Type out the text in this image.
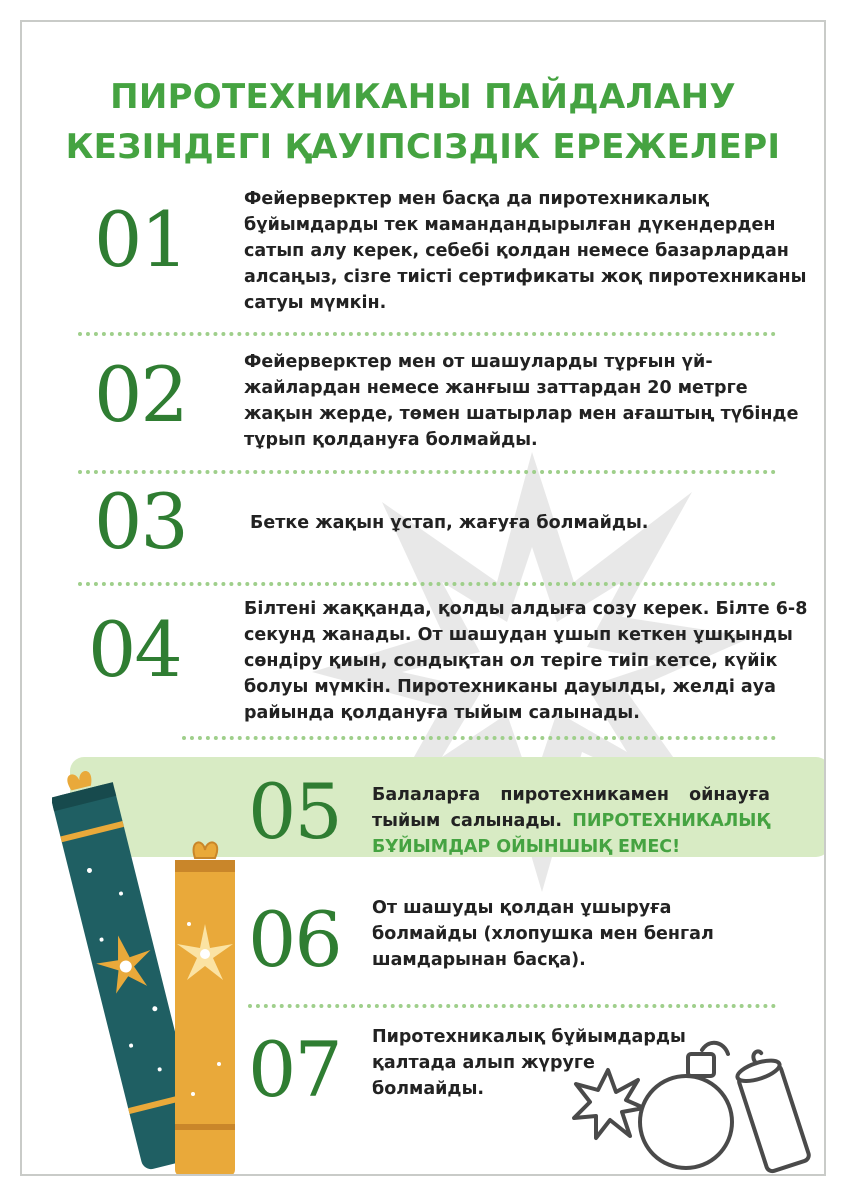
ПИРОТЕХНИКАНЫ ПАЙДАЛАНУ
КЕЗІНДЕГІ ҚАУІПСІЗДІК ЕРЕЖЕЛЕРІ
01	Фейерверктер мен басқа да пиротехникалық
бұйымдарды тек мамандандырылған дүкендерден
сатып алу керек, себебі қолдан немесе базарлардан
алсаңыз, сізге тиісті сертификаты жоқ пиротехниканы
сатуы мүмкін.
02	Фейерверктер мен от шашуларды тұрғын үй-
жайлардан немесе жанғыш заттардан 20 метрге
жақын жерде, төмен шатырлар мен ағаштың түбінде
тұрып қолдануға болмайды.
03	Бетке жақын ұстап, жағуға болмайды.
04	Білтені жаққанда, қолды алдыға созу керек. Білте 6-8
секунд жанады. От шашудан ұшып кеткен ұшқынды
сөндіру қиын, сондықтан ол теріге тиіп кетсе, күйік
болуы мүмкін. Пиротехниканы дауылды, желді ауа
райында қолдануға тыйым салынады.
05 Балаларға пиротехникамен ойнауға
тыйым салынады. ПИРОТЕХНИКАЛЫҚ
БҰЙЫМДАР ОЙЫНШЫҚ ЕМЕС!
06 От шашуды қолдан ұшыруға
болмайды (хлопушка мен бенгал
шамдарынан басқа).
07 Пиротехникалық бұйымдарды
қалтада алып жүруге
болмайды.
